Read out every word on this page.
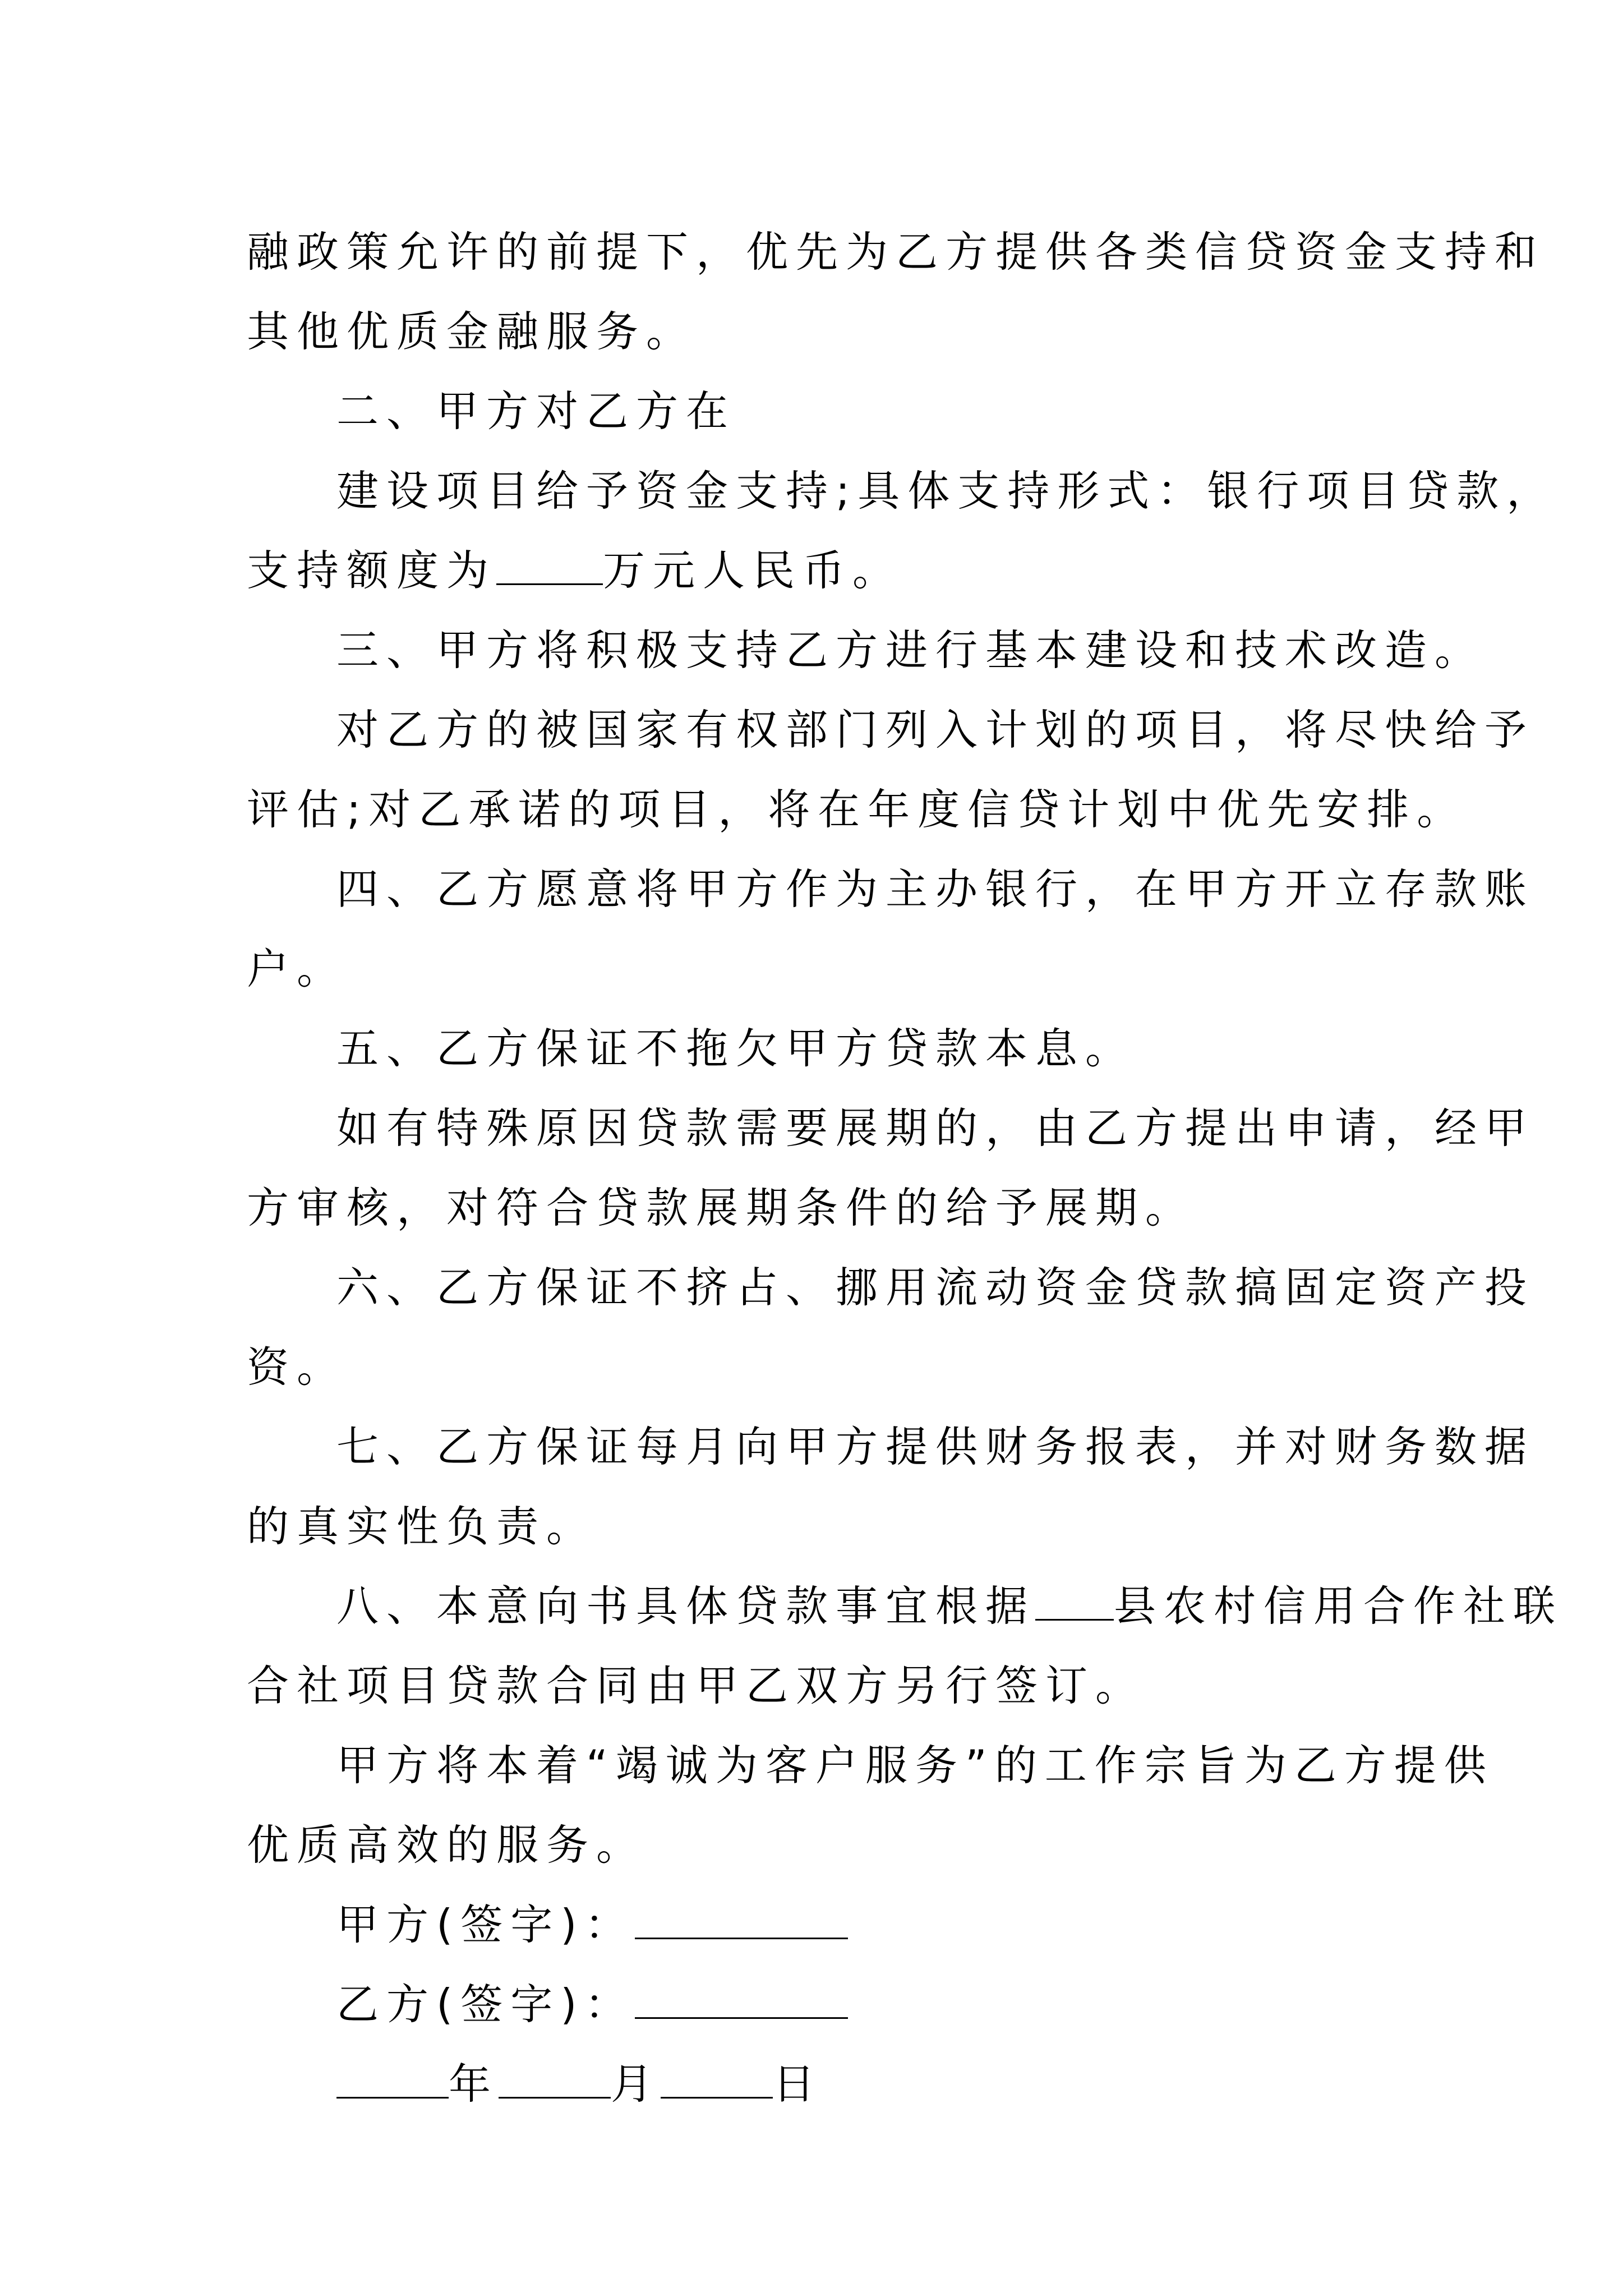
融政策允许的前提下，优先为乙方提供各类信贷资金支持和
其他优质金融服务。
二、甲方对乙方在
建设项目给予资金支持;具体支持形式：银行项目贷款，
支持额度为	万元人民币。
三、甲方将积极支持乙方进行基本建设和技术改造。
对乙方的被国家有权部门列入计划的项目，将尽快给予
评估;对乙承诺的项目，将在年度信贷计划中优先安排。
四、乙方愿意将甲方作为主办银行，在甲方开立存款账
户。
五、乙方保证不拖欠甲方贷款本息。
如有特殊原因贷款需要展期的，由乙方提出申请，经甲
方审核，对符合贷款展期条件的给予展期。
六、乙方保证不挤占、挪用流动资金贷款搞固定资产投
资。
七、乙方保证每月向甲方提供财务报表，并对财务数据
的真实性负责。
八、本意向书具体贷款事宜根据 县农村信用合作社联
合社项目贷款合同由甲乙双方另行签订。
甲方将本着“竭诚为客户服务”的工作宗旨为乙方提供
优质高效的服务。
甲方(签字)：
乙方(签字)：
年	月	日
